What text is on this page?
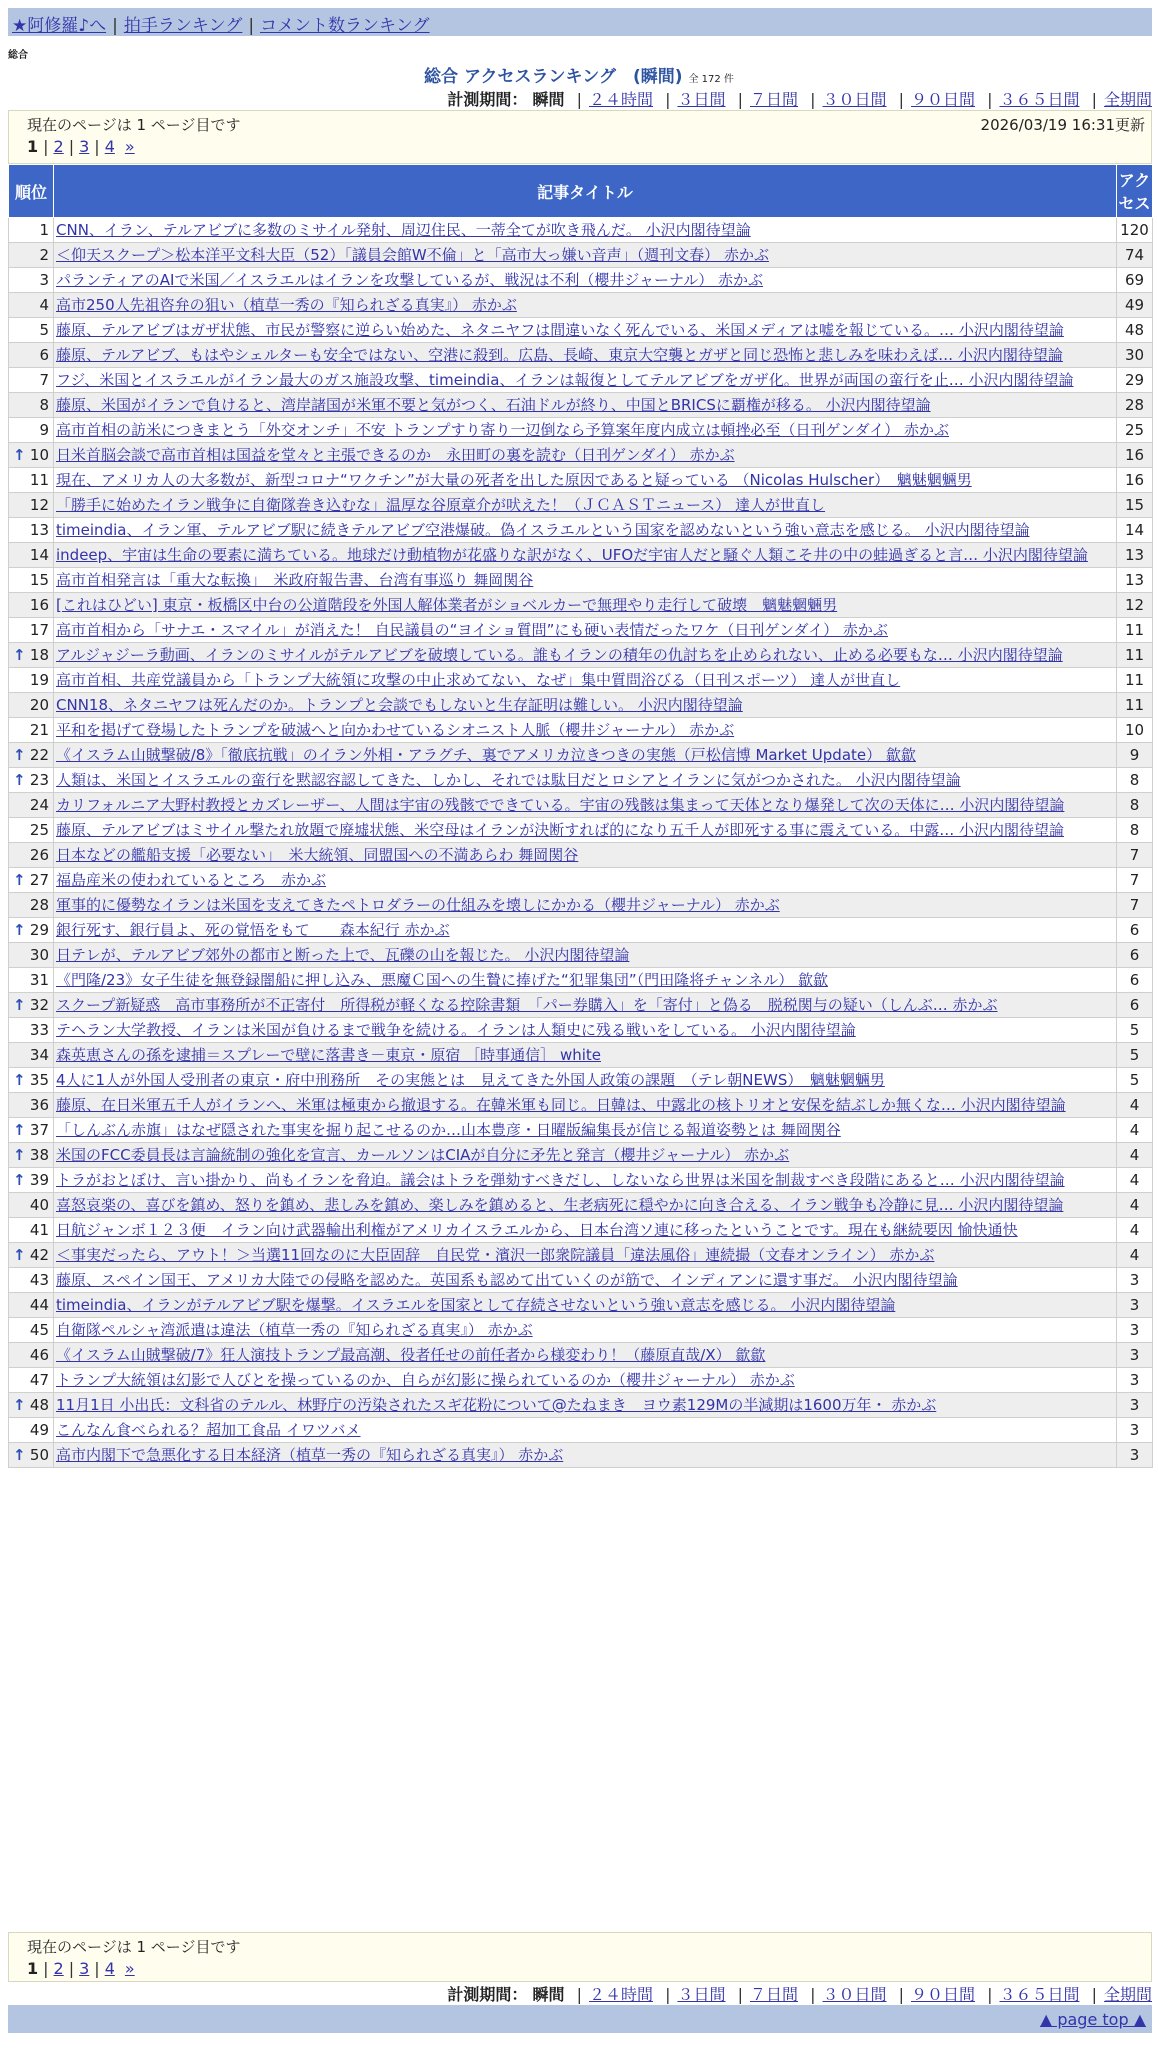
★阿修羅♪へ | 拍手ランキング | コメント数ランキング
総合
総合 アクセスランキング　(瞬間) 全 172 件
計測期間： 瞬間 | ２４時間 | ３日間 | ７日間 | ３０日間 | ９０日間 | ３６５日間 | 全期間
現在のページは 1 ページ目です	2026/03/19 16:31更新
1 | 2 | 3 | 4 »
順位	記事タイトル	アクセス
1	CNN、イラン、テルアビブに多数のミサイル発射、周辺住民、一蒂全てが吹き飛んだ。 小沢内閣待望論	120
2	＜仰天スクープ＞松本洋平文科大臣（52）「議員会館W不倫」と「高市大っ嫌い音声」（週刊文春） 赤かぶ	74
3	パランティアのAIで米国／イスラエルはイランを攻撃しているが、戦況は不利（櫻井ジャーナル） 赤かぶ	69
4	高市250人先祖咨弁の狙い（植草一秀の『知られざる真実』） 赤かぶ	49
5	藤原、テルアビブはガザ状態、市民が警察に逆らい始めた、ネタニヤフは間違いなく死んでいる、米国メディアは嘘を報じている。… 小沢内閣待望論	48
6	藤原、テルアビブ、もはやシェルターも安全ではない、空港に殺到。広島、長崎、東京大空襲とガザと同じ恐怖と悲しみを味わえば… 小沢内閣待望論	30
7	フジ、米国とイスラエルがイラン最大のガス施設攻撃、timeindia、イランは報復としてテルアビブをガザ化。世界が両国の蛮行を止… 小沢内閣待望論	29
8	藤原、米国がイランで負けると、湾岸諸国が米軍不要と気がつく、石油ドルが終り、中国とBRICSに覇権が移る。 小沢内閣待望論	28
9	高市首相の訪米につきまとう「外交オンチ」不安 トランプすり寄り一辺倒なら予算案年度内成立は頓挫必至（日刊ゲンダイ） 赤かぶ	25

↑ 10	日米首脳会談で高市首相は国益を堂々と主張できるのか　永田町の裏を読む（日刊ゲンダイ） 赤かぶ	16
11	現在、アメリカ人の大多数が、新型コロナ“ワクチン”が大量の死者を出した原因であると疑っている （Nicolas Hulscher）　魑魅魍魎男	16
12	「勝手に始めたイラン戦争に自衛隊巻き込むな」温厚な谷原章介が吠えた！（ＪＣＡＳＴニュース） 達人が世直し	15
13	timeindia、イラン軍、テルアビブ駅に続きテルアビブ空港爆破。偽イスラエルという国家を認めないという強い意志を感じる。 小沢内閣待望論	14
14	indeep、宇宙は生命の要素に満ちている。地球だけ動植物が花盛りな訳がなく、UFOだ宇宙人だと騒ぐ人類こそ井の中の蛙過ぎると言… 小沢内閣待望論	13
15	高市首相発言は「重大な転換」　米政府報告書、台湾有事巡り 舞岡関谷	13
16	[これはひどい] 東京・板橋区中台の公道階段を外国人解体業者がショベルカーで無理やり走行して破壊　魑魅魍魎男	12
17	高市首相から「サナエ・スマイル」が消えた！ 自民議員の“ヨイショ質問”にも硬い表情だったワケ（日刊ゲンダイ） 赤かぶ	11

↑ 18	アルジャジーラ動画、イランのミサイルがテルアビブを破壊している。誰もイランの積年の仇討ちを止められない、止める必要もな… 小沢内閣待望論	11
19	高市首相、共産党議員から「トランプ大統領に攻撃の中止求めてない、なぜ」集中質問浴びる（日刊スポーツ） 達人が世直し	11
20	CNN18、ネタニヤフは死んだのか。トランプと会談でもしないと生存証明は難しい。 小沢内閣待望論	11
21	平和を掲げて登場したトランプを破滅へと向かわせているシオニスト人脈（櫻井ジャーナル） 赤かぶ	10

↑ 22	《イスラム山賊撃破/8》「徹底抗戦」のイラン外相・アラグチ、裏でアメリカ泣きつきの実態（戸松信博 Market Update） 歙歙	9

↑ 23	人類は、米国とイスラエルの蛮行を黙認容認してきた、しかし、それでは駄目だとロシアとイランに気がつかされた。 小沢内閣待望論	8
24	カリフォルニア大野村教授とカズレーザー、人間は宇宙の残骸でできている。宇宙の残骸は集まって天体となり爆発して次の天体に… 小沢内閣待望論	8
25	藤原、テルアビブはミサイル撃たれ放題で廃墟状態、米空母はイランが決断すれば的になり五千人が即死する事に震えている。中露… 小沢内閣待望論	8
26	日本などの艦船支援「必要ない」　米大統領、同盟国への不満あらわ 舞岡関谷	7

↑ 27	福島産米の使われているところ　赤かぶ	7
28	軍事的に優勢なイランは米国を支えてきたペトロダラーの仕組みを壊しにかかる（櫻井ジャーナル） 赤かぶ	7

↑ 29	銀行死す、銀行員よ、死の覚悟をもて　　森本紀行 赤かぶ	6
30	日テレが、テルアビブ郊外の都市と断った上で、瓦礫の山を報じた。 小沢内閣待望論	6
31	《門隆/23》女子生徒を無登録闇船に押し込み、悪魔Ｃ国への生贄に捧げた“犯罪集団”（門田隆将チャンネル） 歙歙	6

↑ 32	スクープ新疑惑　高市事務所が不正寄付　所得税が軽くなる控除書類　「パー券購入」を「寄付」と偽る　脱税関与の疑い（しんぶ… 赤かぶ	6
33	テヘラン大学教授、イランは米国が負けるまで戦争を続ける。イランは人類史に残る戦いをしている。 小沢内閣待望論	5
34	森英恵さんの孫を逮捕＝スプレーで壁に落書き－東京・原宿 ［時事通信］ white	5

↑ 35	4人に1人が外国人受刑者の東京・府中刑務所　その実態とは　見えてきた外国人政策の課題　（テレ朝NEWS）　魑魅魍魎男	5
36	藤原、在日米軍五千人がイランへ、米軍は極東から撤退する。在韓米軍も同じ。日韓は、中露北の核トリオと安保を結ぶしか無くな… 小沢内閣待望論	4

↑ 37	「しんぶん赤旗」はなぜ隠された事実を掘り起こせるのか…山本豊彦・日曜版編集長が信じる報道姿勢とは 舞岡関谷	4

↑ 38	米国のFCC委員長は言論統制の強化を宣言、カールソンはCIAが自分に矛先と発言（櫻井ジャーナル） 赤かぶ	4

↑ 39	トラがおとぼけ、言い掛かり、尚もイランを脅迫。議会はトラを弾劾すべきだし、しないなら世界は米国を制裁すべき段階にあると… 小沢内閣待望論	4
40	喜怒哀楽の、喜びを鎮め、怒りを鎮め、悲しみを鎮め、楽しみを鎮めると、生老病死に穏やかに向き合える、イラン戦争も冷静に見… 小沢内閣待望論	4
41	日航ジャンボ１２３便　イラン向け武器輸出利権がアメリカイスラエルから、日本台湾ソ連に移ったということです。現在も継続要因 愉快通快	4

↑ 42	＜事実だったら、アウト！＞当選11回なのに大臣固辞　自民党・濱沢一郎衆院議員「違法風俗」連続撮（文春オンライン） 赤かぶ	4
43	藤原、スペイン国王、アメリカ大陸での侵略を認めた。英国系も認めて出ていくのが筋で、インディアンに還す事だ。 小沢内閣待望論	3
44	timeindia、イランがテルアビブ駅を爆撃。イスラエルを国家として存続させないという強い意志を感じる。 小沢内閣待望論	3
45	自衛隊ペルシャ湾派遣は違法（植草一秀の『知られざる真実』） 赤かぶ	3
46	《イスラム山賊撃破/7》狂人演技トランプ最高潮、役者任せの前任者から様変わり！（藤原直哉/Ⅹ） 歙歙	3
47	トランプ大統領は幻影で人びとを操っているのか、自らが幻影に操られているのか（櫻井ジャーナル） 赤かぶ	3

↑ 48	11月1日 小出氏：文科省のテルル、林野庁の汚染されたスギ花粉について@たねまき　ヨウ素129Mの半減期は1600万年・ 赤かぶ	3
49	こんなん食べられる？超加工食品 イワツバメ	3

↑ 50	高市内閣下で急悪化する日本経済（植草一秀の『知られざる真実』） 赤かぶ	3
現在のページは 1 ページ目です
1 | 2 | 3 | 4 »
計測期間： 瞬間 | ２４時間 | ３日間 | ７日間 | ３０日間 | ９０日間 | ３６５日間 | 全期間
▲ page top ▲
